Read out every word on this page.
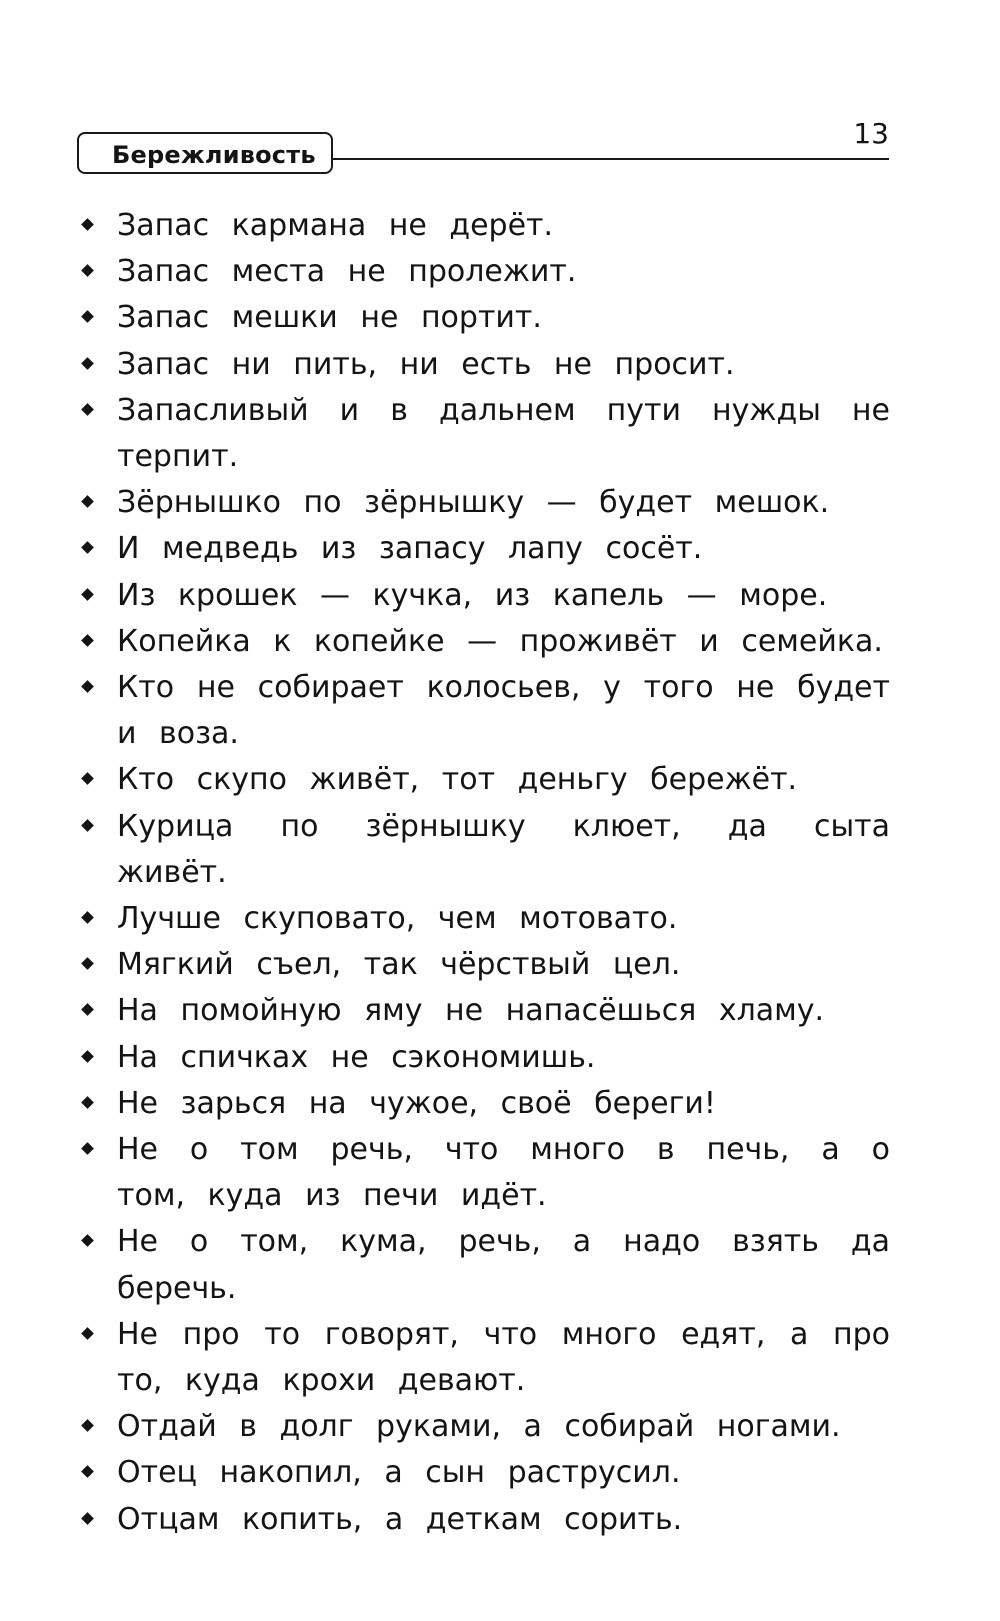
Бережливость
13
Запас кармана не дерёт.
Запас места не пролежит.
Запас мешки не портит.
Запас ни пить, ни есть не просит.
Запасливый и в дальнем пути нужды не терпит.
Зёрнышко по зёрнышку — будет мешок.
И медведь из запасу лапу сосёт.
Из крошек — кучка, из капель — море.
Копейка к копейке — проживёт и семейка.
Кто не собирает колосьев, у того не будет и воза.
Кто скупо живёт, тот деньгу бережёт.
Курица по зёрнышку клюет, да сыта живёт.
Лучше скуповато, чем мотовато.
Мягкий съел, так чёрствый цел.
На помойную яму не напасёшься хламу.
На спичках не сэкономишь.
Не зарься на чужое, своё береги!
Не о том речь, что много в печь, а о том, куда из печи идёт.
Не о том, кума, речь, а надо взять да беречь.
Не про то говорят, что много едят, а про то, куда крохи девают.
Отдай в долг руками, а собирай ногами.
Отец накопил, а сын раструсил.
Отцам копить, а деткам сорить.
